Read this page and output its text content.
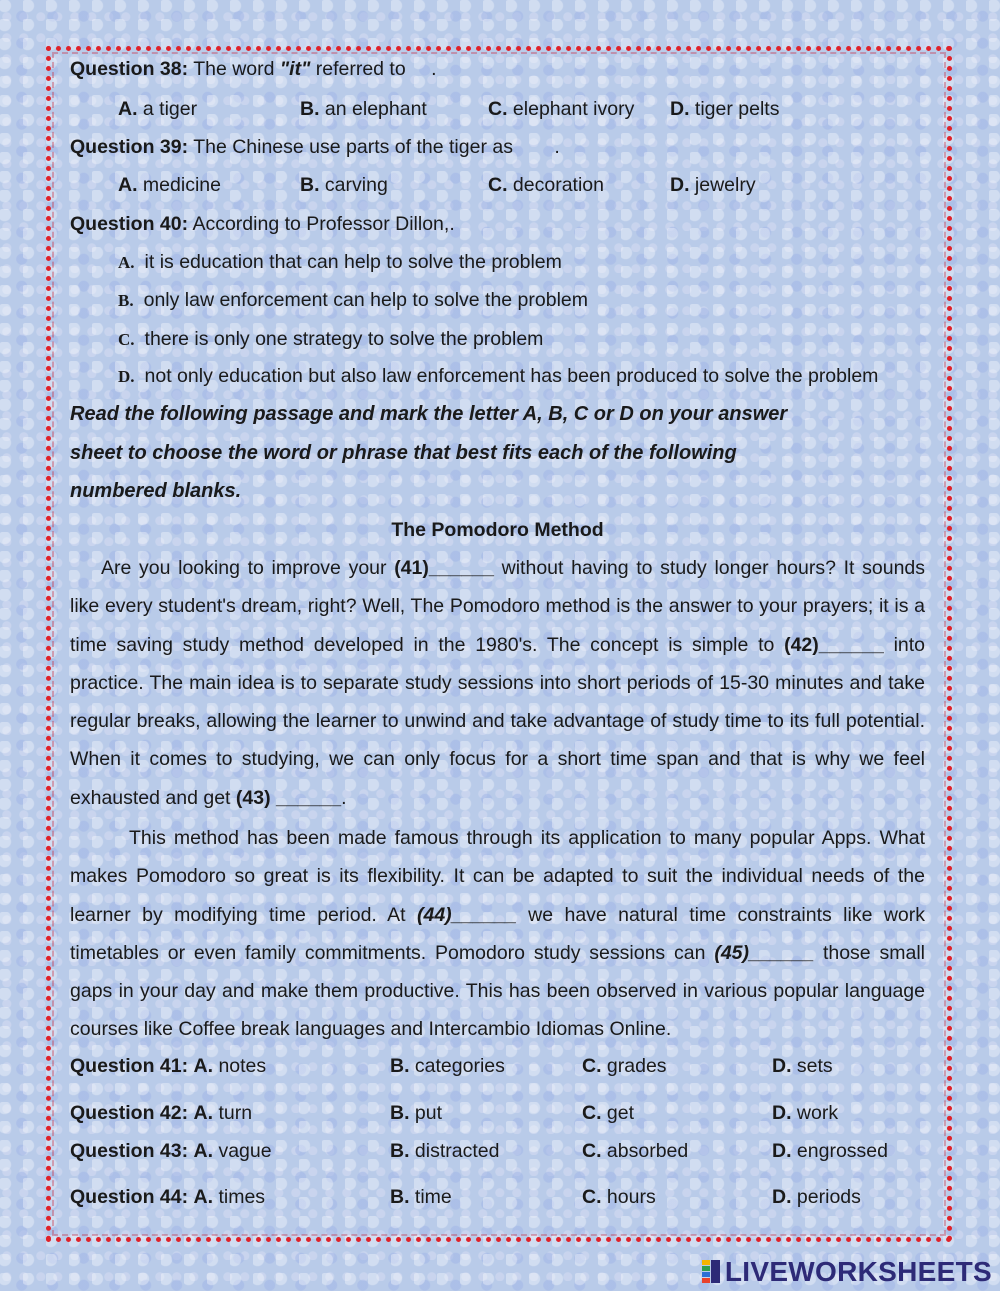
Question 38: The word "it" referred to .
A. a tiger	B. an elephant	C. elephant ivory D. tiger pelts
Question 39: The Chinese use parts of the tiger as .
A. medicine	B. carving	C. decoration	D. jewelry
Question 40: According to Professor Dillon,.
A. it is education that can help to solve the problem
B. only law enforcement can help to solve the problem
C. there is only one strategy to solve the problem
D. not only education but also law enforcement has been produced to solve the problem
Read the following passage and mark the letter A, B, C or D on your answer
sheet to choose the word or phrase that best fits each of the following
numbered blanks.
The Pomodoro Method

Are you looking to improve your (41)______ without having to study longer hours? It sounds like every student's dream, right? Well, The Pomodoro method is the answer to your prayers; it is a time saving study method developed in the 1980's. The concept is simple to (42)______ into practice. The main idea is to separate study sessions into short periods of 15-30 minutes and take regular breaks, allowing the learner to unwind and take advantage of study time to its full potential. When it comes to studying, we can only focus for a short time span and that is why we feel exhausted and get (43) ______.

This method has been made famous through its application to many popular Apps. What makes Pomodoro so great is its flexibility. It can be adapted to suit the individual needs of the learner by modifying time period. At (44)______ we have natural time constraints like work timetables or even family commitments. Pomodoro study sessions can (45)______ those small gaps in your day and make them productive. This has been observed in various popular language courses like Coffee break languages and Intercambio Idiomas Online.

Question 41: A. notes	B. categories	C. grades	D. sets
Question 42: A. turn	B. put	C. get	D. work
Question 43: A. vague	B. distracted	C. absorbed	D. engrossed
Question 44: A. times	B. time	C. hours	D. periods
LIVEWORKSHEETS
